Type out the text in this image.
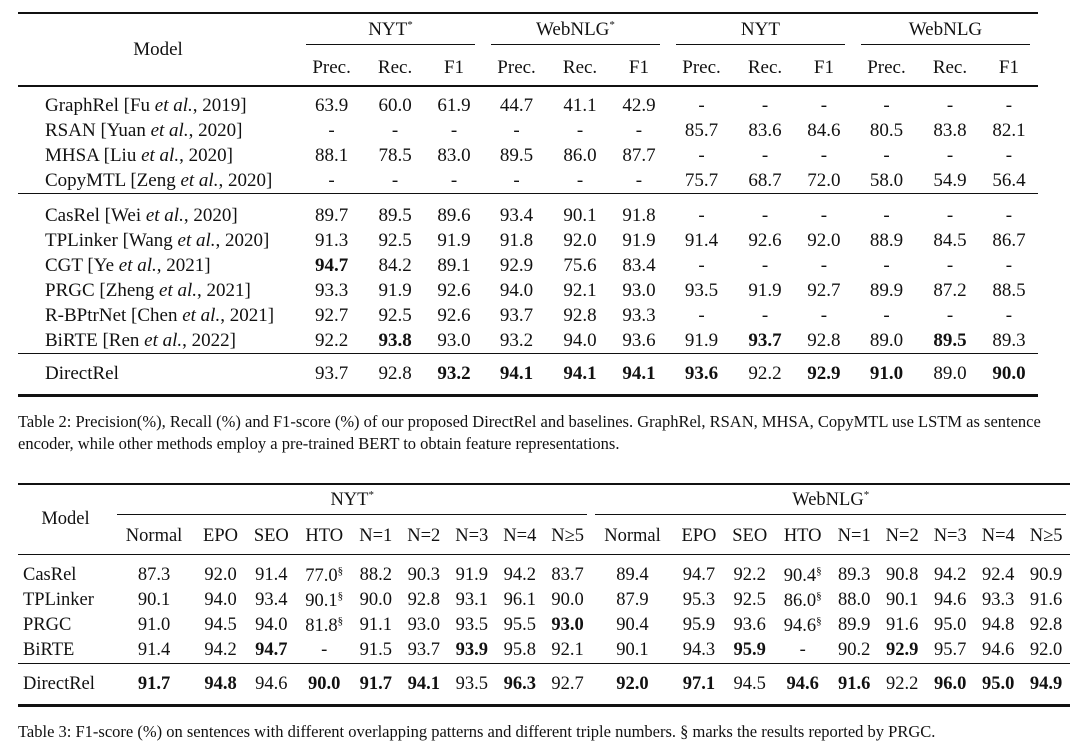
Model	NYT*			WebNLG*			NYT			WebNLG		

	Prec.	Rec.	F1	Prec.	Rec.	F1	Prec.	Rec.	F1	Prec.	Rec.	F1
GraphRel [Fu et al., 2019]	63.9	60.0	61.9	44.7	41.1	42.9	-	-	-	-	-	-
RSAN [Yuan et al., 2020]	-	-	-	-	-	-	85.7	83.6	84.6	80.5	83.8	82.1
MHSA [Liu et al., 2020]	88.1	78.5	83.0	89.5	86.0	87.7	-	-	-	-	-	-
CopyMTL [Zeng et al., 2020]	-	-	-	-	-	-	75.7	68.7	72.0	58.0	54.9	56.4
CasRel [Wei et al., 2020]	89.7	89.5	89.6	93.4	90.1	91.8	-	-	-	-	-	-
TPLinker [Wang et al., 2020]	91.3	92.5	91.9	91.8	92.0	91.9	91.4	92.6	92.0	88.9	84.5	86.7
CGT [Ye et al., 2021]	94.7	84.2	89.1	92.9	75.6	83.4	-	-	-	-	-	-
PRGC [Zheng et al., 2021]	93.3	91.9	92.6	94.0	92.1	93.0	93.5	91.9	92.7	89.9	87.2	88.5
R-BPtrNet [Chen et al., 2021]	92.7	92.5	92.6	93.7	92.8	93.3	-	-	-	-	-	-
BiRTE [Ren et al., 2022]	92.2	93.8	93.0	93.2	94.0	93.6	91.9	93.7	92.8	89.0	89.5	89.3
DirectRel	93.7	92.8	93.2	94.1	94.1	94.1	93.6	92.2	92.9	91.0	89.0	90.0
Table 2: Precision(%), Recall (%) and F1-score (%) of our proposed DirectRel and baselines. GraphRel, RSAN, MHSA, CopyMTL use LSTM as sentence encoder, while other methods employ a pre-trained BERT to obtain feature representations.
Model	NYT*									WebNLG*

	Normal	EPO	SEO	HTO	N=1	N=2	N=3	N=4	N≥5	Normal	EPO	SEO	HTO	N=1	N=2	N=3	N=4	N≥5
CasRel	87.3	92.0	91.4	77.0§	88.2	90.3	91.9	94.2	83.7	89.4	94.7	92.2	90.4§	89.3	90.8	94.2	92.4	90.9
TPLinker	90.1	94.0	93.4	90.1§	90.0	92.8	93.1	96.1	90.0	87.9	95.3	92.5	86.0§	88.0	90.1	94.6	93.3	91.6
PRGC	91.0	94.5	94.0	81.8§	91.1	93.0	93.5	95.5	93.0	90.4	95.9	93.6	94.6§	89.9	91.6	95.0	94.8	92.8
BiRTE	91.4	94.2	94.7	-	91.5	93.7	93.9	95.8	92.1	90.1	94.3	95.9	-	90.2	92.9	95.7	94.6	92.0
DirectRel	91.7	94.8	94.6	90.0	91.7	94.1	93.5	96.3	92.7	92.0	97.1	94.5	94.6	91.6	92.2	96.0	95.0	94.9
Table 3: F1-score (%) on sentences with different overlapping patterns and different triple numbers. § marks the results reported by PRGC.
